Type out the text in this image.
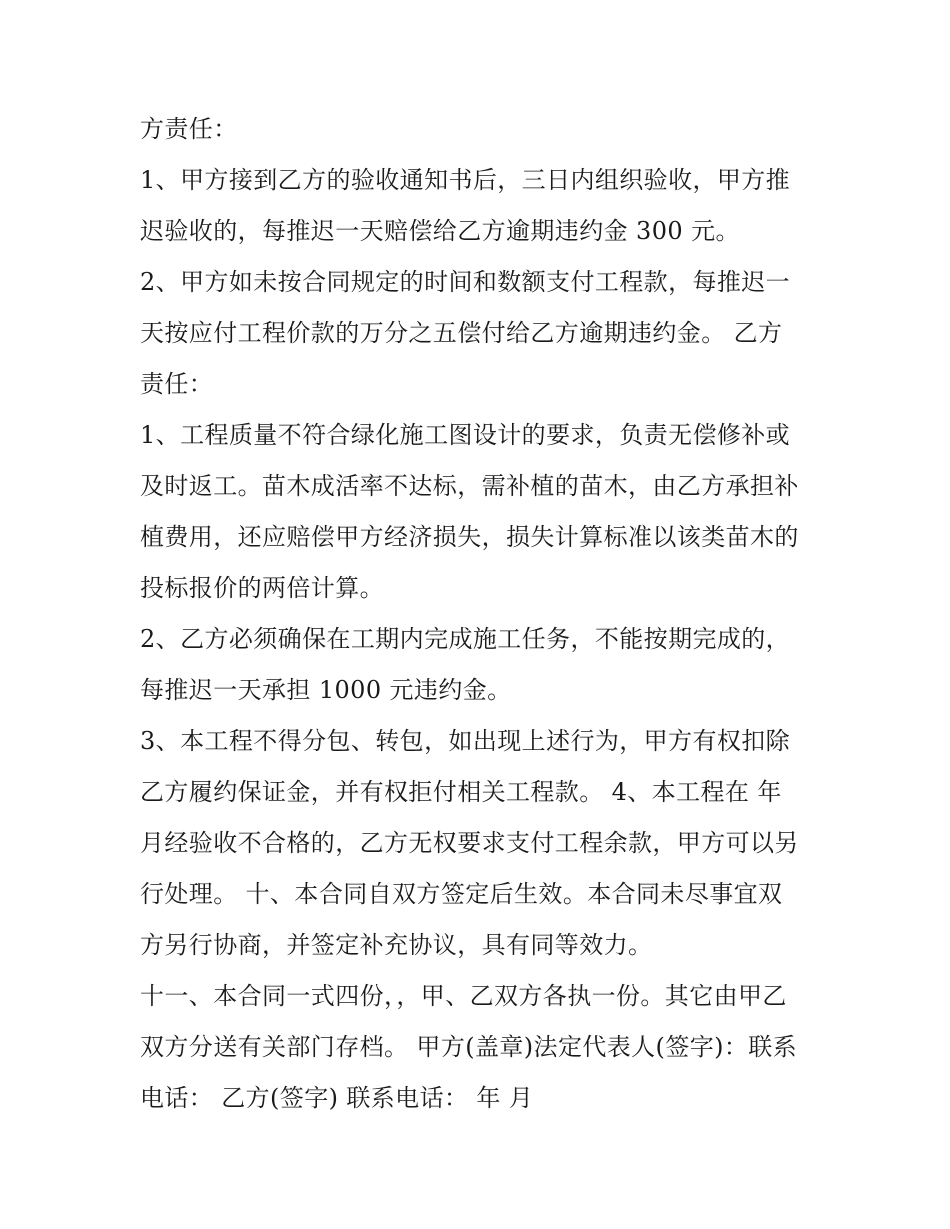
方责任：
1、甲方接到乙方的验收通知书后，三日内组织验收，甲方推
迟验收的，每推迟一天赔偿给乙方逾期违约金 300 元。
2、甲方如未按合同规定的时间和数额支付工程款，每推迟一
天按应付工程价款的万分之五偿付给乙方逾期违约金。 乙方
责任：
1、工程质量不符合绿化施工图设计的要求，负责无偿修补或
及时返工。苗木成活率不达标，需补植的苗木，由乙方承担补
植费用，还应赔偿甲方经济损失，损失计算标准以该类苗木的
投标报价的两倍计算。
2、乙方必须确保在工期内完成施工任务，不能按期完成的，
每推迟一天承担 1000 元违约金。
3、本工程不得分包、转包，如出现上述行为，甲方有权扣除
乙方履约保证金，并有权拒付相关工程款。 4、本工程在 年
月经验收不合格的，乙方无权要求支付工程余款，甲方可以另
行处理。 十、本合同自双方签定后生效。本合同未尽事宜双
方另行协商，并签定补充协议，具有同等效力。
十一、本合同一式四份，，甲、乙双方各执一份。其它由甲乙
双方分送有关部门存档。 甲方(盖章)法定代表人(签字)：联系
电话： 乙方(签字) 联系电话： 年 月
